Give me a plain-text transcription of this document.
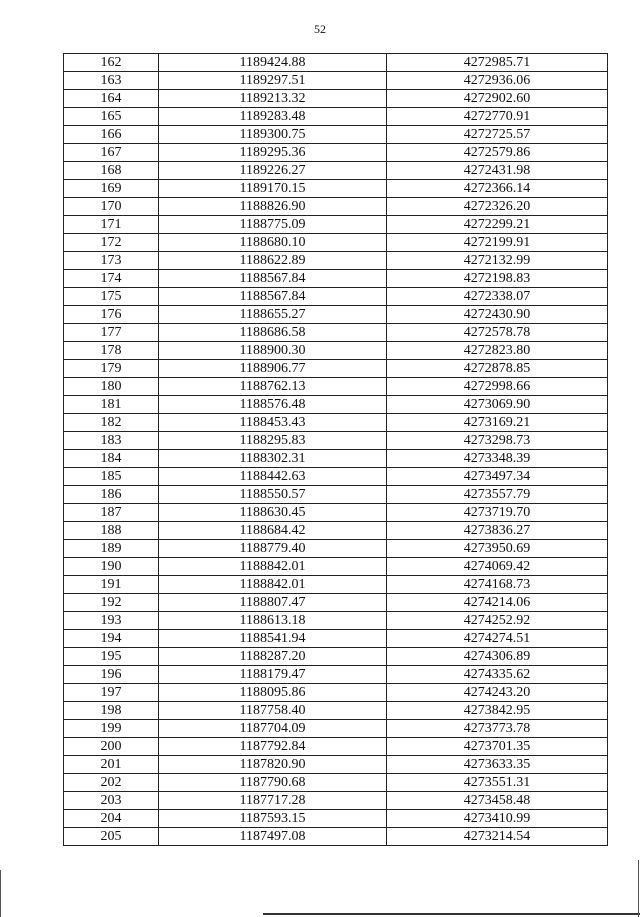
52
162	1189424.88	4272985.71
163	1189297.51	4272936.06
164	1189213.32	4272902.60
165	1189283.48	4272770.91
166	1189300.75	4272725.57
167	1189295.36	4272579.86
168	1189226.27	4272431.98
169	1189170.15	4272366.14
170	1188826.90	4272326.20
171	1188775.09	4272299.21
172	1188680.10	4272199.91
173	1188622.89	4272132.99
174	1188567.84	4272198.83
175	1188567.84	4272338.07
176	1188655.27	4272430.90
177	1188686.58	4272578.78
178	1188900.30	4272823.80
179	1188906.77	4272878.85
180	1188762.13	4272998.66
181	1188576.48	4273069.90
182	1188453.43	4273169.21
183	1188295.83	4273298.73
184	1188302.31	4273348.39
185	1188442.63	4273497.34
186	1188550.57	4273557.79
187	1188630.45	4273719.70
188	1188684.42	4273836.27
189	1188779.40	4273950.69
190	1188842.01	4274069.42
191	1188842.01	4274168.73
192	1188807.47	4274214.06
193	1188613.18	4274252.92
194	1188541.94	4274274.51
195	1188287.20	4274306.89
196	1188179.47	4274335.62
197	1188095.86	4274243.20
198	1187758.40	4273842.95
199	1187704.09	4273773.78
200	1187792.84	4273701.35
201	1187820.90	4273633.35
202	1187790.68	4273551.31
203	1187717.28	4273458.48
204	1187593.15	4273410.99
205	1187497.08	4273214.54
